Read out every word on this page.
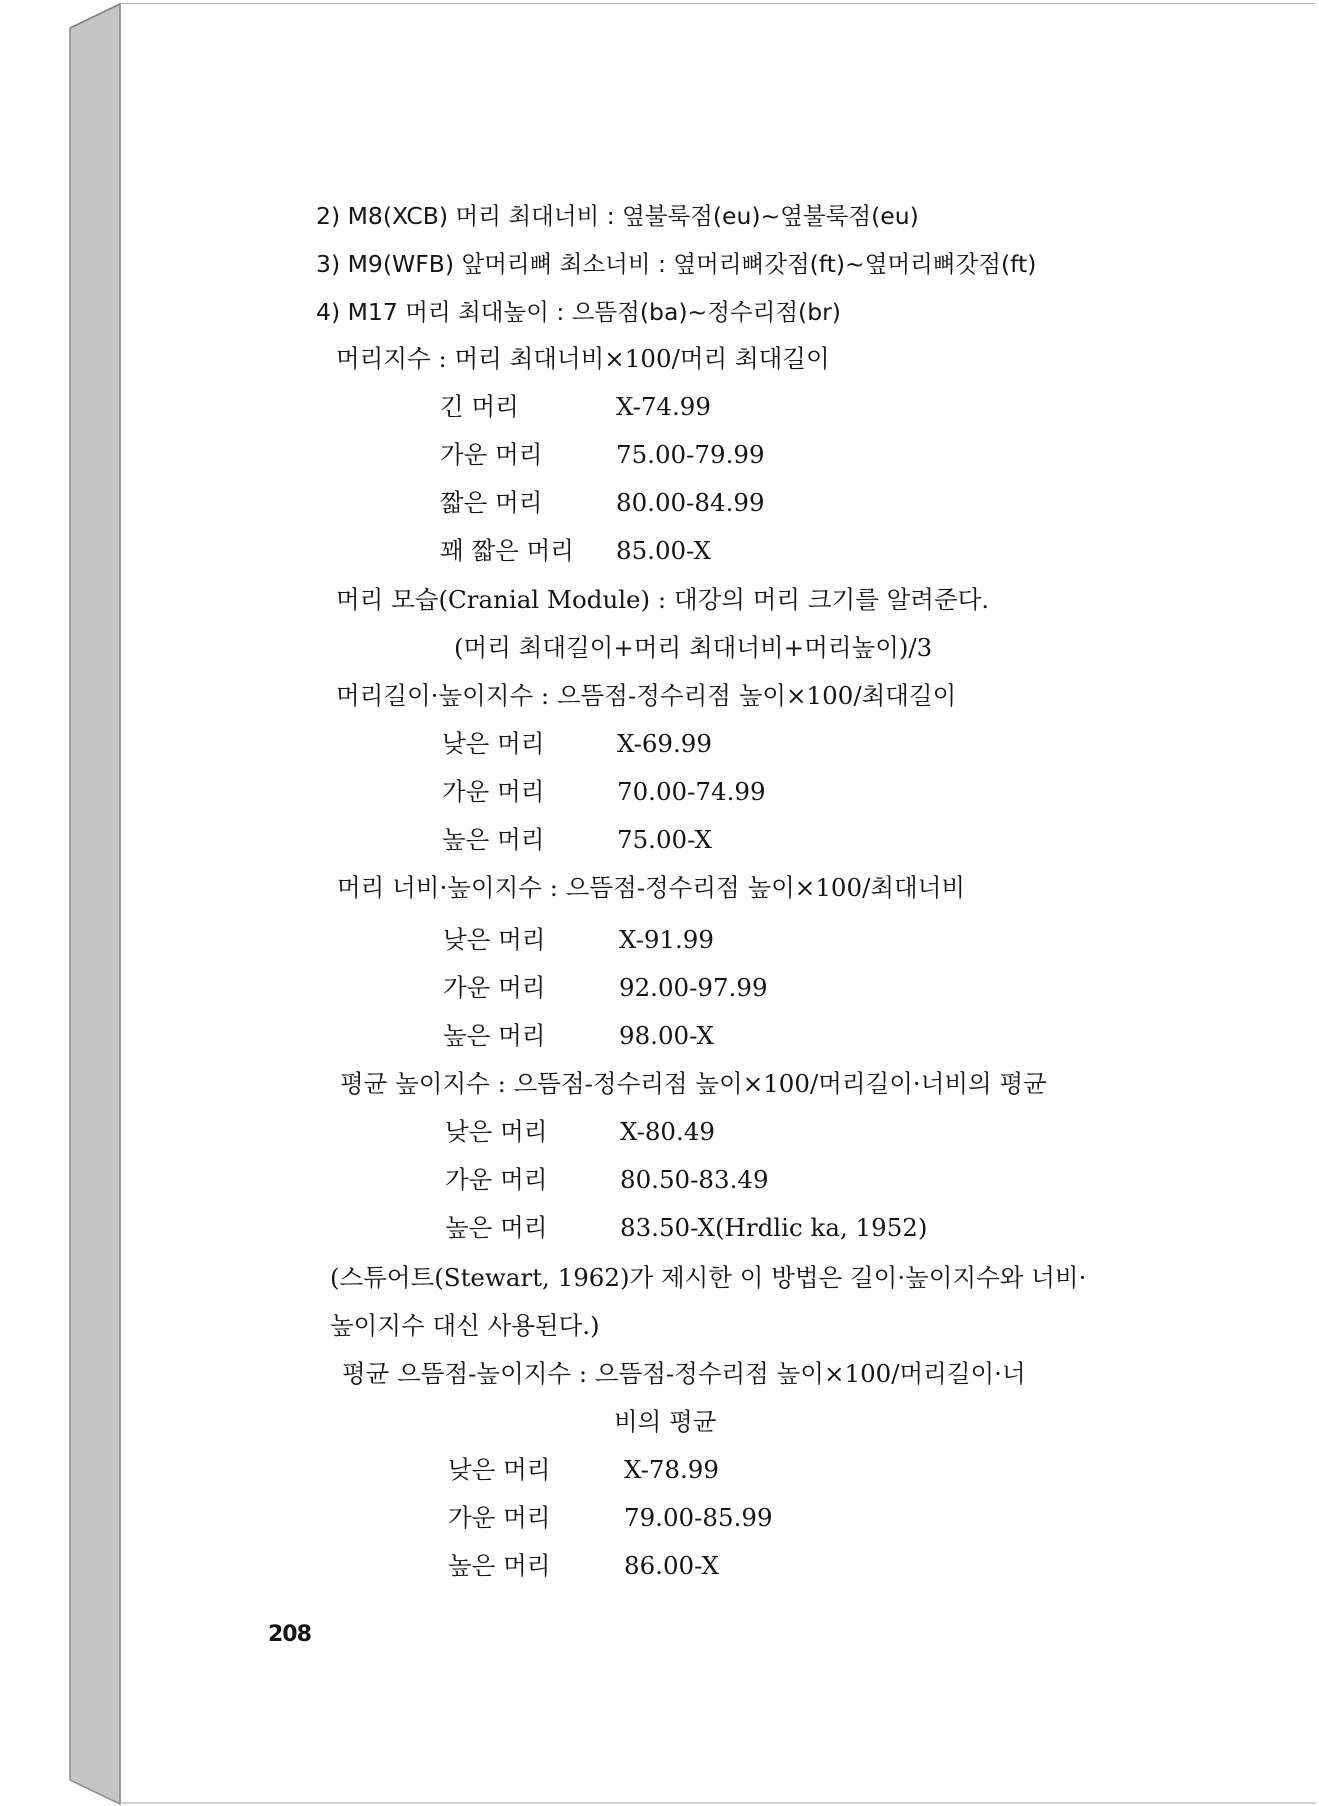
2) M8(XCB) 머리 최대너비 : 옆불룩점(eu)~옆불룩점(eu)
3) M9(WFB) 앞머리뼈 최소너비 : 옆머리뼈갓점(ft)~옆머리뼈갓점(ft)
4) M17 머리 최대높이 : 으뜸점(ba)~정수리점(br)
머리지수 : 머리 최대너비×100/머리 최대길이
긴 머리	X-74.99
가운 머리	75.00-79.99
짧은 머리	80.00-84.99
꽤 짧은 머리 85.00-X
머리 모습(Cranial Module) : 대강의 머리 크기를 알려준다.
(머리 최대길이+머리 최대너비+머리높이)/3
머리길이·높이지수 : 으뜸점-정수리점 높이×100/최대길이
낮은 머리	X-69.99
가운 머리	70.00-74.99
높은 머리	75.00-X
머리 너비·높이지수 : 으뜸점-정수리점 높이×100/최대너비
낮은 머리	X-91.99
가운 머리	92.00-97.99
높은 머리	98.00-X
평균 높이지수 : 으뜸점-정수리점 높이×100/머리길이·너비의 평균
낮은 머리	X-80.49
가운 머리	80.50-83.49
높은 머리	83.50-X(Hrdlic ka, 1952)
(스튜어트(Stewart, 1962)가 제시한 이 방법은 길이·높이지수와 너비·
높이지수 대신 사용된다.)
평균 으뜸점-높이지수 : 으뜸점-정수리점 높이×100/머리길이·너
비의 평균
낮은 머리	X-78.99
가운 머리	79.00-85.99
높은 머리	86.00-X
208
